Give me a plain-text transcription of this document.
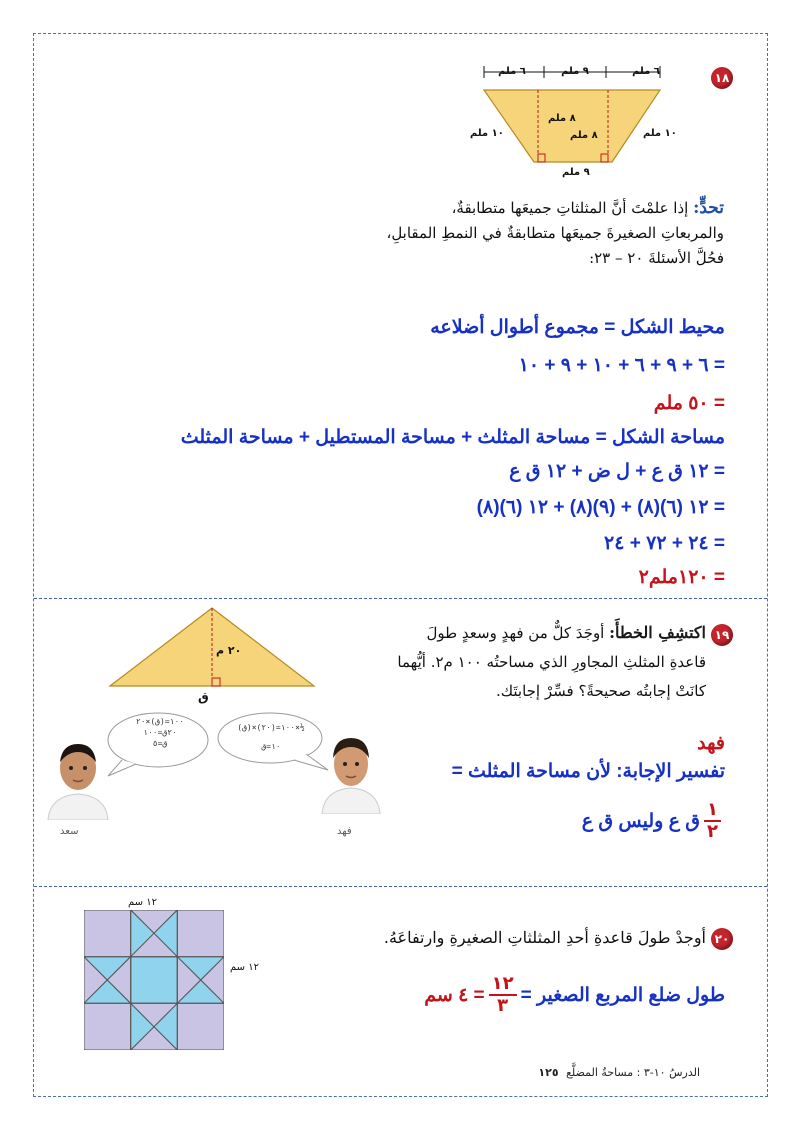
١٨
٦ ملم
٩ ملم
٦ ملم
٨ ملم
٨ ملم
١٠ ملم	١٠ ملم
٩ ملم
تحدٍّ: إذا علمْتَ أنَّ المثلثاتِ جميعَها متطابقةٌ،
والمربعاتِ الصغيرةَ جميعَها متطابقةٌ في النمطِ المقابلِ،
فحُلَّ الأسئلةَ ٢٠ – ٢٣:
محيط الشكل = مجموع أطوال أضلاعه
= ٦ + ٩ + ٦ + ١٠ + ٩ + ١٠
= ٥٠ ملم
مساحة الشكل = مساحة المثلث + مساحة المستطيل + مساحة المثلث
= ١٢ ق ع + ل ض + ١٢ ق ع
= ١٢ (٦)(٨) + (٩)(٨) + ١٢ (٦)(٨)
= ٢٤ + ٧٢ + ٢٤
= ١٢٠ملم٢
٢٠ م
ق
١٩
اكتشِفِ الخطأَ: أوجَدَ كلٌّ من فهدٍ وسعدٍ طولَ
قاعدةِ المثلثِ المجاورِ الذي مساحتُه ١٠٠ م٢. أيُّهما
كانَتْ إجابتُه صحيحةً؟ فسِّرْ إجابتَك.
١٠٠=(ق)×٢٠
٢٠ق=١٠٠
ق=٥
١٠٠=(٢٠)×(ق)×½
١٠=ق
سعد	فهد
فهد
تفسير الإجابة: لأن مساحة المثلث =
$\frac{١}{٢}$
ق ع وليس ق ع
١٢ سم
١٢ سم
٢٠
أوجدْ طولَ قاعدةِ أحدِ المثلثاتِ الصغيرةِ وارتفاعَهُ.
طول ضلع المربع الصغير =
$\frac{١٢}{٣}$
= ٤ سم
الدرسُ ١٠-٣ : مساحةُ المضلَّع ١٢٥
